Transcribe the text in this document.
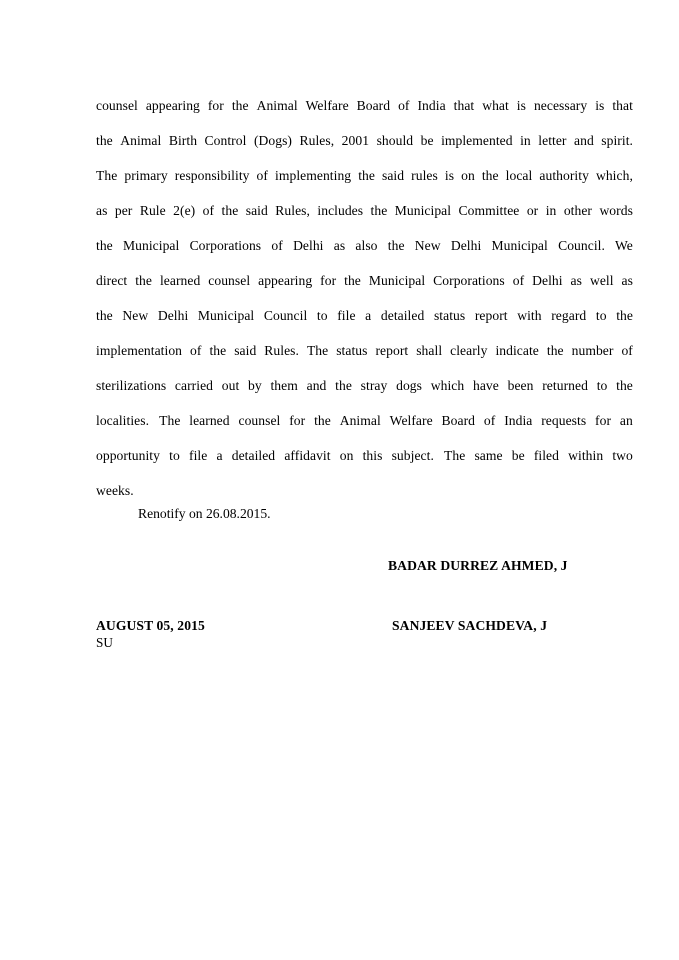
counsel appearing for the Animal Welfare Board of India that what is necessary is that
the Animal Birth Control (Dogs) Rules, 2001 should be implemented in letter and spirit.
The primary responsibility of implementing the said rules is on the local authority which,
as per Rule 2(e) of the said Rules, includes the Municipal Committee or in other words
the Municipal Corporations of Delhi as also the New Delhi Municipal Council.   We
direct the learned counsel appearing for the Municipal Corporations of Delhi as well as
the New Delhi Municipal Council to file a detailed status report with regard to the
implementation of the said Rules. The status report shall clearly indicate the number of
sterilizations carried out by them and the stray dogs which have been returned to the
localities.   The learned counsel for the Animal Welfare Board of India requests for an
opportunity to file a detailed affidavit on this subject.   The same be filed within two
weeks.
Renotify on 26.08.2015.
BADAR DURREZ AHMED, J
AUGUST 05, 2015	SANJEEV SACHDEVA, J
SU
